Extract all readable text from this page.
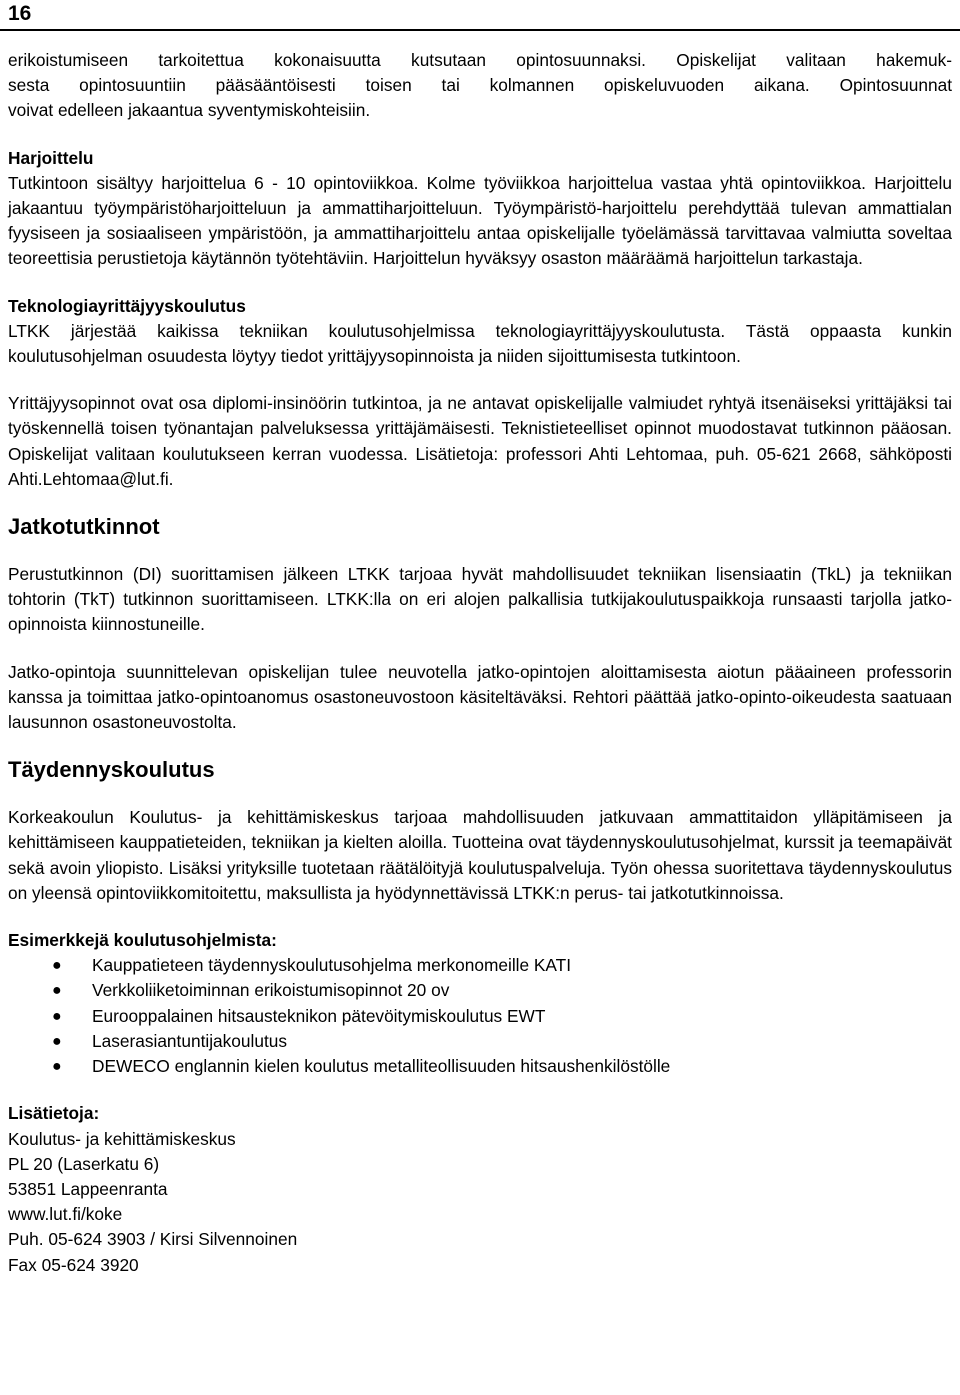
16

erikoistumiseen tarkoitettua kokonaisuutta kutsutaan opintosuunnaksi. Opiskelijat valitaan hakemuk-

sesta opintosuuntiin pääsääntöisesti toisen tai kolmannen opiskeluvuoden aikana. Opintosuunnat

voivat edelleen jakaantua syventymiskohteisiin.

Harjoittelu

Tutkintoon sisältyy harjoittelua 6 - 10 opintoviikkoa. Kolme työviikkoa harjoittelua vastaa yhtä opintoviikkoa. Harjoittelu jakaantuu työympäristöharjoitteluun ja ammattiharjoitteluun. Työympäristö-harjoittelu perehdyttää tulevan ammattialan fyysiseen ja sosiaaliseen ympäristöön, ja ammattiharjoittelu antaa opiskelijalle työelämässä tarvittavaa valmiutta soveltaa teoreettisia perustietoja käytännön työtehtäviin. Harjoittelun hyväksyy osaston määräämä harjoittelun tarkastaja.

Teknologiayrittäjyyskoulutus

LTKK järjestää kaikissa tekniikan koulutusohjelmissa teknologiayrittäjyyskoulutusta. Tästä oppaasta kunkin koulutusohjelman osuudesta löytyy tiedot yrittäjyysopinnoista ja niiden sijoittumisesta tutkintoon.

Yrittäjyysopinnot ovat osa diplomi-insinöörin tutkintoa, ja ne antavat opiskelijalle valmiudet ryhtyä itsenäiseksi yrittäjäksi tai työskennellä toisen työnantajan palveluksessa yrittäjämäisesti. Teknistieteelliset opinnot muodostavat tutkinnon pääosan. Opiskelijat valitaan koulutukseen kerran vuodessa. Lisätietoja: professori Ahti Lehtomaa, puh. 05-621 2668, sähköposti Ahti.Lehtomaa@lut.fi.

Jatkotutkinnot

Perustutkinnon (DI) suorittamisen jälkeen LTKK tarjoaa hyvät mahdollisuudet tekniikan lisensiaatin (TkL) ja tekniikan tohtorin (TkT) tutkinnon suorittamiseen. LTKK:lla on eri alojen palkallisia tutkijakoulutuspaikkoja runsaasti tarjolla jatko-opinnoista kiinnostuneille.

Jatko-opintoja suunnittelevan opiskelijan tulee neuvotella jatko-opintojen aloittamisesta aiotun pääaineen professorin kanssa ja toimittaa jatko-opintoanomus osastoneuvostoon käsiteltäväksi. Rehtori päättää jatko-opinto-oikeudesta saatuaan lausunnon osastoneuvostolta.

Täydennyskoulutus

Korkeakoulun Koulutus- ja kehittämiskeskus tarjoaa mahdollisuuden jatkuvaan ammattitaidon ylläpitämiseen ja kehittämiseen kauppatieteiden, tekniikan ja kielten aloilla. Tuotteina ovat täydennyskoulutusohjelmat, kurssit ja teemapäivät sekä avoin yliopisto. Lisäksi yrityksille tuotetaan räätälöityjä koulutuspalveluja. Työn ohessa suoritettava täydennyskoulutus on yleensä opintoviikkomitoitettu, maksullista ja hyödynnettävissä LTKK:n perus- tai jatkotutkinnoissa.

Esimerkkejä koulutusohjelmista:
● Kauppatieteen täydennyskoulutusohjelma merkonomeille KATI
● Verkkoliiketoiminnan erikoistumisopinnot 20 ov
● Eurooppalainen hitsausteknikon pätevöitymiskoulutus EWT
● Laserasiantuntijakoulutus
● DEWECO englannin kielen koulutus metalliteollisuuden hitsaushenkilöstölle
Lisätietoja:
Koulutus- ja kehittämiskeskus
PL 20 (Laserkatu 6)
53851 Lappeenranta
www.lut.fi/koke
Puh. 05-624 3903 / Kirsi Silvennoinen
Fax 05-624 3920
